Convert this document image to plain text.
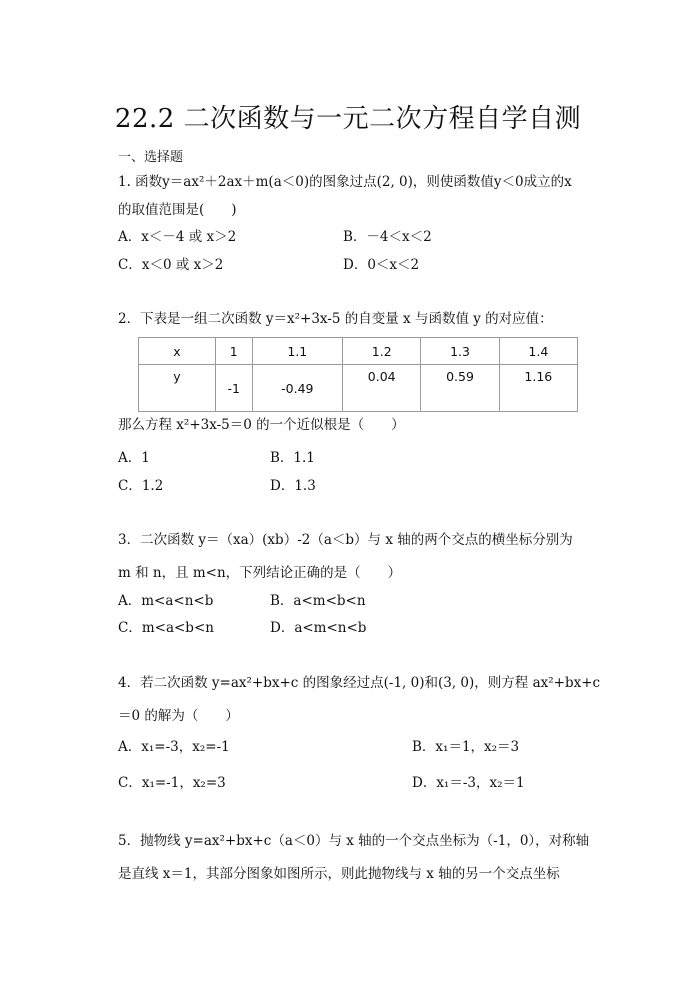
22.2 二次函数与一元二次方程自学自测
一、选择题
1. 函数y＝ax²＋2ax＋m(a＜0)的图象过点(2, 0)，则使函数值y＜0成立的x
的取值范围是(　　)
A．x＜－4 或 x＞2	B．－4＜x＜2
C．x＜0 或 x＞2	D．0＜x＜2
2．下表是一组二次函数 y＝x²+3x-5 的自变量 x 与函数值 y 的对应值：
x	1	1.1	1.2	1.3	1.4
y	-1	-0.49	0.04	0.59	1.16
那么方程 x²+3x-5＝0 的一个近似根是（　　）
A．1	B．1.1
C．1.2	D．1.3
3．二次函数 y＝（xa）(xb）-2（a＜b）与 x 轴的两个交点的横坐标分别为
m 和 n，且 m<n，下列结论正确的是（　　）
A．m<a<n<b	B．a<m<b<n
C．m<a<b<n	D．a<m<n<b
4．若二次函数 y=ax²+bx+c 的图象经过点(-1, 0)和(3, 0)，则方程 ax²+bx+c
＝0 的解为（　　）
A．x₁=-3，x₂=-1	B．x₁＝1，x₂＝3
C．x₁=-1，x₂=3	D．x₁＝-3，x₂＝1
5．抛物线 y=ax²+bx+c（a＜0）与 x 轴的一个交点坐标为（-1，0），对称轴
是直线 x＝1，其部分图象如图所示，则此抛物线与 x 轴的另一个交点坐标
